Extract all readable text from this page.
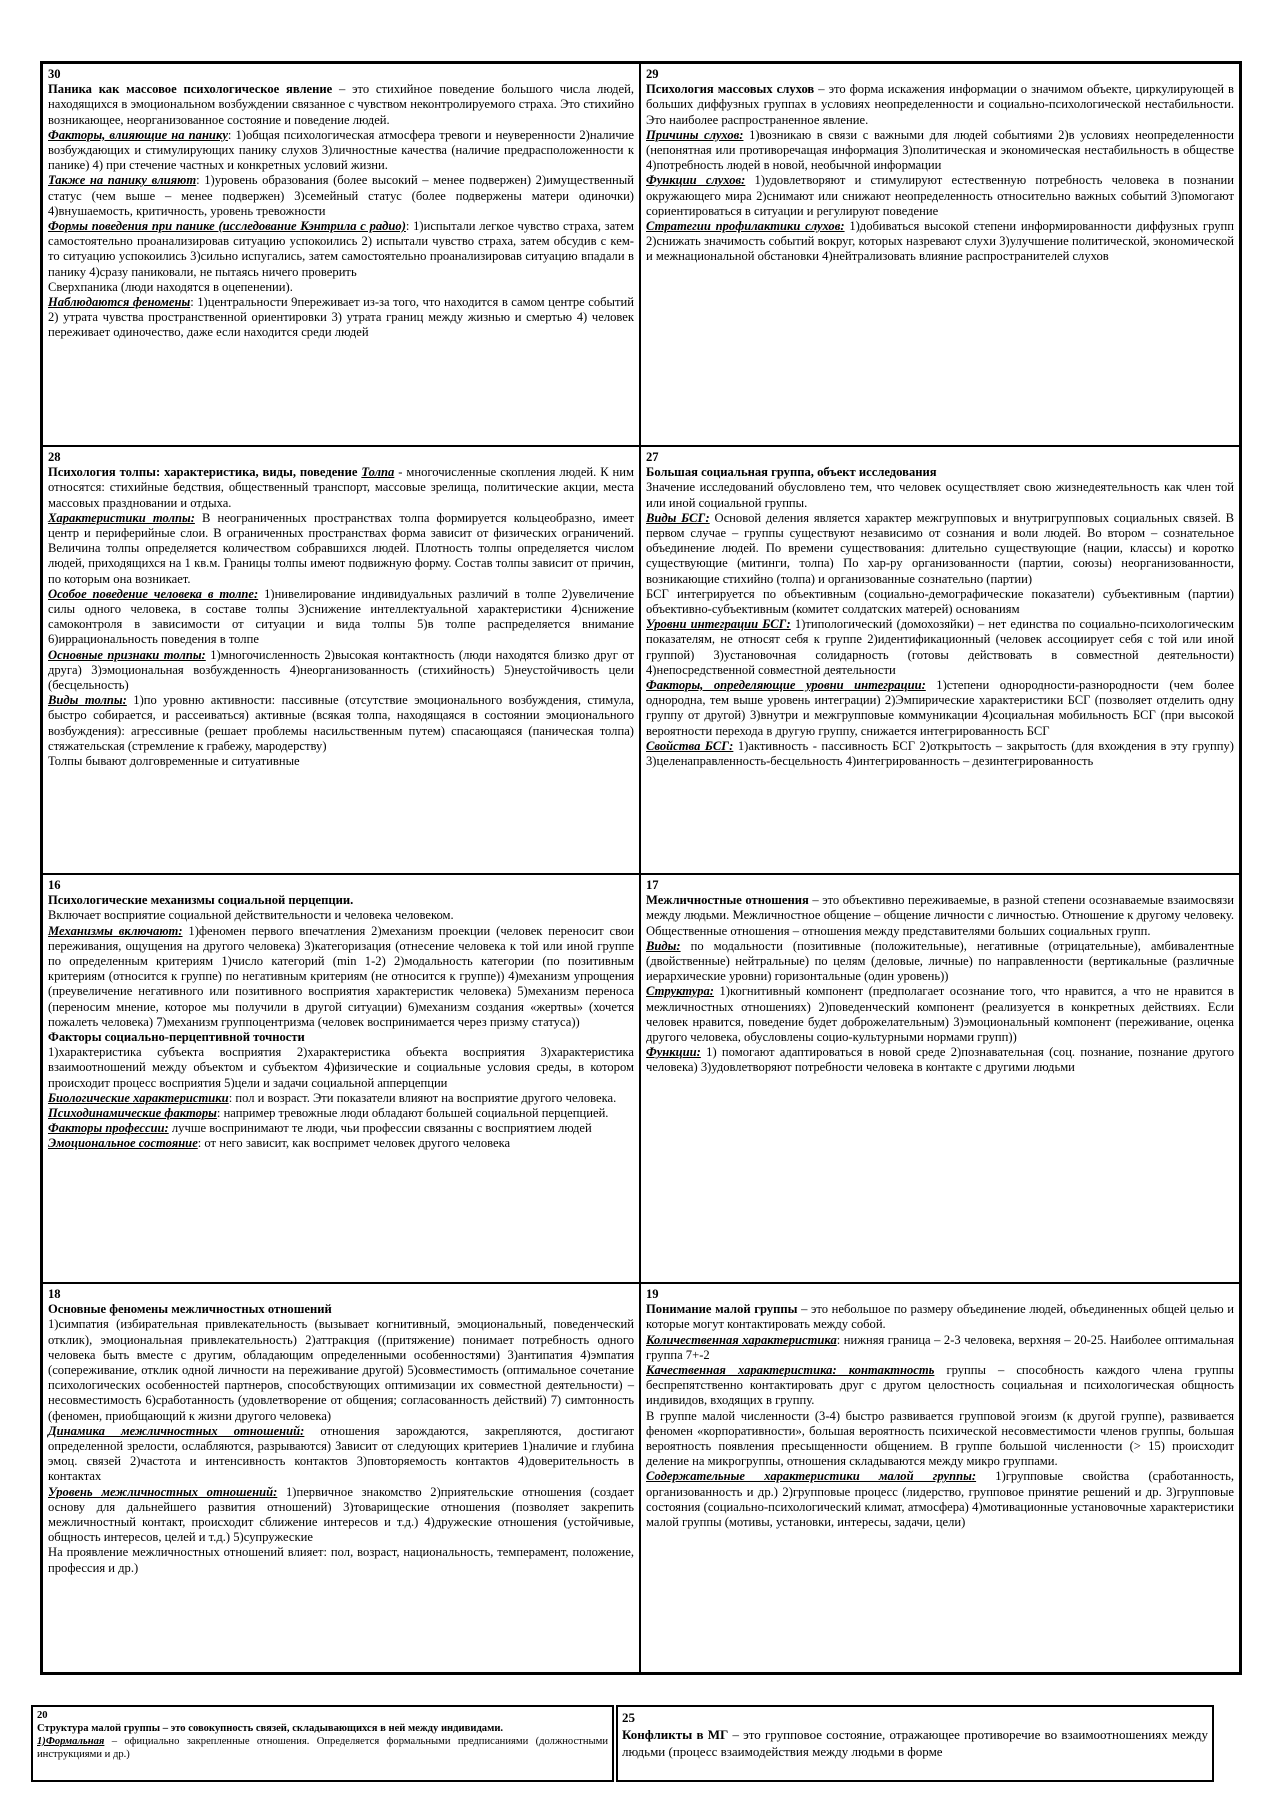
30

Паника как массовое психологическое явление – это стихийное поведение большого числа людей, находящихся в эмоциональном возбуждении связанное с чувством неконтролируемого страха. Это стихийно возникающее, неорганизованное состояние и поведение людей.

Факторы, влияющие на панику: 1)общая психологическая атмосфера тревоги и неуверенности 2)наличие возбуждающих и стимулирующих панику слухов 3)личностные качества (наличие предрасположенности к панике) 4) при стечение частных и конкретных условий жизни.

Также на панику влияют: 1)уровень образования (более высокий – менее подвержен) 2)имущественный статус (чем выше – менее подвержен) 3)семейный статус (более подвержены матери одиночки) 4)внушаемость, критичность, уровень тревожности

Формы поведения при панике (исследование Кэнтрила с радио): 1)испытали легкое чувство страха, затем самостоятельно проанализировав ситуацию успокоились 2) испытали чувство страха, затем обсудив с кем-то ситуацию успокоились 3)сильно испугались, затем самостоятельно проанализировав ситуацию впадали в панику 4)сразу паниковали, не пытаясь ничего проверить

Сверхпаника (люди находятся в оцепенении).

Наблюдаются феномены: 1)центральности 9переживает из-за того, что находится в самом центре событий 2) утрата чувства пространственной ориентировки 3) утрата границ между жизнью и смертью 4) человек переживает одиночество, даже если находится среди людей

29

Психология массовых слухов – это форма искажения информации о значимом объекте, циркулирующей в больших диффузных группах в условиях неопределенности и социально-психологической нестабильности. Это наиболее распространенное явление.

Причины слухов: 1)возникаю в связи с важными для людей событиями 2)в условиях неопределенности (непонятная или противоречащая информация 3)политическая и экономическая нестабильность в обществе 4)потребность людей в новой, необычной информации

Функции слухов: 1)удовлетворяют и стимулируют естественную потребность человека в познании окружающего мира 2)снимают или снижают неопределенность относительно важных событий 3)помогают сориентироваться в ситуации и регулируют поведение

Стратегии профилактики слухов: 1)добиваться высокой степени информированности диффузных групп 2)снижать значимость событий вокруг, которых назревают слухи 3)улучшение политической, экономической и межнациональной обстановки 4)нейтрализовать влияние распространителей слухов

28

Психология толпы: характеристика, виды, поведение Толпа - многочисленные скопления людей. К ним относятся: стихийные бедствия, общественный транспорт, массовые зрелища, политические акции, места массовых праздновании и отдыха.

Характеристики толпы: В неограниченных пространствах толпа формируется кольцеобразно, имеет центр и периферийные слои. В ограниченных пространствах форма зависит от физических ограничений. Величина толпы определяется количеством собравшихся людей. Плотность толпы определяется числом людей, приходящихся на 1 кв.м. Границы толпы имеют подвижную форму. Состав толпы зависит от причин, по которым она возникает.

Особое поведение человека в толпе: 1)нивелирование индивидуальных различий в толпе 2)увеличение силы одного человека, в составе толпы 3)снижение интеллектуальной характеристики 4)снижение самоконтроля в зависимости от ситуации и вида толпы 5)в толпе распределяется внимание 6)иррациональность поведения в толпе

Основные признаки толпы: 1)многочисленность 2)высокая контактность (люди находятся близко друг от друга) 3)эмоциональная возбужденность 4)неорганизованность (стихийность) 5)неустойчивость цели (бесцельность)

Виды толпы: 1)по уровню активности: пассивные (отсутствие эмоционального возбуждения, стимула, быстро собирается, и рассеиваться) активные (всякая толпа, находящаяся в состоянии эмоционального возбуждения): агрессивные (решает проблемы насильственным путем) спасающаяся (паническая толпа) стяжательская (стремление к грабежу, мародерству)

Толпы бывают долговременные и ситуативные

27

Большая социальная группа, объект исследования

Значение исследований обусловлено тем, что человек осуществляет свою жизнедеятельность как член той или иной социальной группы.

Виды БСГ: Основой деления является характер межгрупповых и внутригрупповых социальных связей. В первом случае – группы существуют независимо от сознания и воли людей. Во втором – сознательное объединение людей. По времени существования: длительно существующие (нации, классы) и коротко существующие (митинги, толпа) По хар-ру организованности (партии, союзы) неорганизованности, возникающие стихийно (толпа) и организованные сознательно (партии)

БСГ интегрируется по объективным (социально-демографические показатели) субъективным (партии) объективно-субъективным (комитет солдатских матерей) основаниям

Уровни интеграции БСГ: 1)типологический (домохозяйки) – нет единства по социально-психологическим показателям, не относят себя к группе 2)идентификационный (человек ассоциирует себя с той или иной группой) 3)установочная солидарность (готовы действовать в совместной деятельности) 4)непосредственной совместной деятельности

Факторы, определяющие уровни интеграции: 1)степени однородности-разнородности (чем более однородна, тем выше уровень интеграции) 2)Эмпирические характеристики БСГ (позволяет отделить одну группу от другой) 3)внутри и межгрупповые коммуникации 4)социальная мобильность БСГ (при высокой вероятности перехода в другую группу, снижается интегрированность БСГ

Свойства БСГ: 1)активность - пассивность БСГ 2)открытость – закрытость (для вхождения в эту группу) 3)целенаправленность-бесцельность 4)интегрированность – дезинтегрированность

16

Психологические механизмы социальной перцепции.

Включает восприятие социальной действительности и человека человеком.

Механизмы включают: 1)феномен первого впечатления 2)механизм проекции (человек переносит свои переживания, ощущения на другого человека) 3)категоризация (отнесение человека к той или иной группе по определенным критериям 1)число категорий (min 1-2) 2)модальность категории (по позитивным критериям (относится к группе) по негативным критериям (не относится к группе)) 4)механизм упрощения (преувеличение негативного или позитивного восприятия характеристик человека) 5)механизм переноса (переносим мнение, которое мы получили в другой ситуации) 6)механизм создания «жертвы» (хочется пожалеть человека) 7)механизм группоцентризма (человек воспринимается через призму статуса))

Факторы социально-перцептивной точности

1)характеристика субъекта восприятия 2)характеристика объекта восприятия 3)характеристика взаимоотношений между объектом и субъектом 4)физические и социальные условия среды, в котором происходит процесс восприятия 5)цели и задачи социальной апперцепции

Биологические характеристики: пол и возраст. Эти показатели влияют на восприятие другого человека.

Психодинамические факторы: например тревожные люди обладают большей социальной перцепцией.

Факторы профессии: лучше воспринимают те люди, чьи профессии связанны с восприятием людей

Эмоциональное состояние: от него зависит, как воспримет человек другого человека

17

Межличностные отношения – это объективно переживаемые, в разной степени осознаваемые взаимосвязи между людьми. Межличностное общение – общение личности с личностью. Отношение к другому человеку. Общественные отношения – отношения между представителями больших социальных групп.

Виды: по модальности (позитивные (положительные), негативные (отрицательные), амбивалентные (двойственные) нейтральные) по целям (деловые, личные) по направленности (вертикальные (различные иерархические уровни) горизонтальные (один уровень))

Структура: 1)когнитивный компонент (предполагает осознание того, что нравится, а что не нравится в межличностных отношениях) 2)поведенческий компонент (реализуется в конкретных действиях. Если человек нравится, поведение будет доброжелательным) 3)эмоциональный компонент (переживание, оценка другого человека, обусловлены социо-культурными нормами групп))

Функции: 1) помогают адаптироваться в новой среде 2)познавательная (соц. познание, познание другого человека) 3)удовлетворяют потребности человека в контакте с другими людьми

18

Основные феномены межличностных отношений

1)симпатия (избирательная привлекательность (вызывает когнитивный, эмоциональный, поведенческий отклик), эмоциональная привлекательность) 2)аттракция ((притяжение) понимает потребность одного человека быть вместе с другим, обладающим определенными особенностями) 3)антипатия 4)эмпатия (сопереживание, отклик одной личности на переживание другой) 5)совместимость (оптимальное сочетание психологических особенностей партнеров, способствующих оптимизации их совместной деятельности) – несовместимость 6)сработанность (удовлетворение от общения; согласованность действий) 7) симтонность (феномен, приобщающий к жизни другого человека)

Динамика межличностных отношений: отношения зарождаются, закрепляются, достигают определенной зрелости, ослабляются, разрываются) Зависит от следующих критериев 1)наличие и глубина эмоц. связей 2)частота и интенсивность контактов 3)повторяемость контактов 4)доверительность в контактах

Уровень межличностных отношений: 1)первичное знакомство 2)приятельские отношения (создает основу для дальнейшего развития отношений) 3)товарищеские отношения (позволяет закрепить межличностный контакт, происходит сближение интересов и т.д.) 4)дружеские отношения (устойчивые, общность интересов, целей и т.д.) 5)супружеские

На проявление межличностных отношений влияет: пол, возраст, национальность, темперамент, положение, профессия и др.)

19

Понимание малой группы – это небольшое по размеру объединение людей, объединенных общей целью и которые могут контактировать между собой.

Количественная характеристика: нижняя граница – 2-3 человека, верхняя – 20-25. Наиболее оптимальная группа 7+-2

Качественная характеристика: контактность группы – способность каждого члена группы беспрепятственно контактировать друг с другом целостность социальная и психологическая общность индивидов, входящих в группу.

В группе малой численности (3-4) быстро развивается групповой эгоизм (к другой группе), развивается феномен «корпоративности», большая вероятность психической несовместимости членов группы, большая вероятность появления пресыщенности общением. В группе большой численности (> 15) происходит деление на микрогруппы, отношения складываются между микро группами.

Содержательные характеристики малой группы: 1)групповые свойства (сработанность, организованность и др.) 2)групповые процесс (лидерство, групповое принятие решений и др. 3)групповые состояния (социально-психологический климат, атмосфера) 4)мотивационные установочные характеристики малой группы (мотивы, установки, интересы, задачи, цели)

20

Структура малой группы – это совокупность связей, складывающихся в ней между индивидами.

1)Формальная – официально закрепленные отношения. Определяется формальными предписаниями (должностными инструкциями и др.)

25

Конфликты в МГ – это групповое состояние, отражающее противоречие во взаимоотношениях между людьми (процесс взаимодействия между людьми в форме
